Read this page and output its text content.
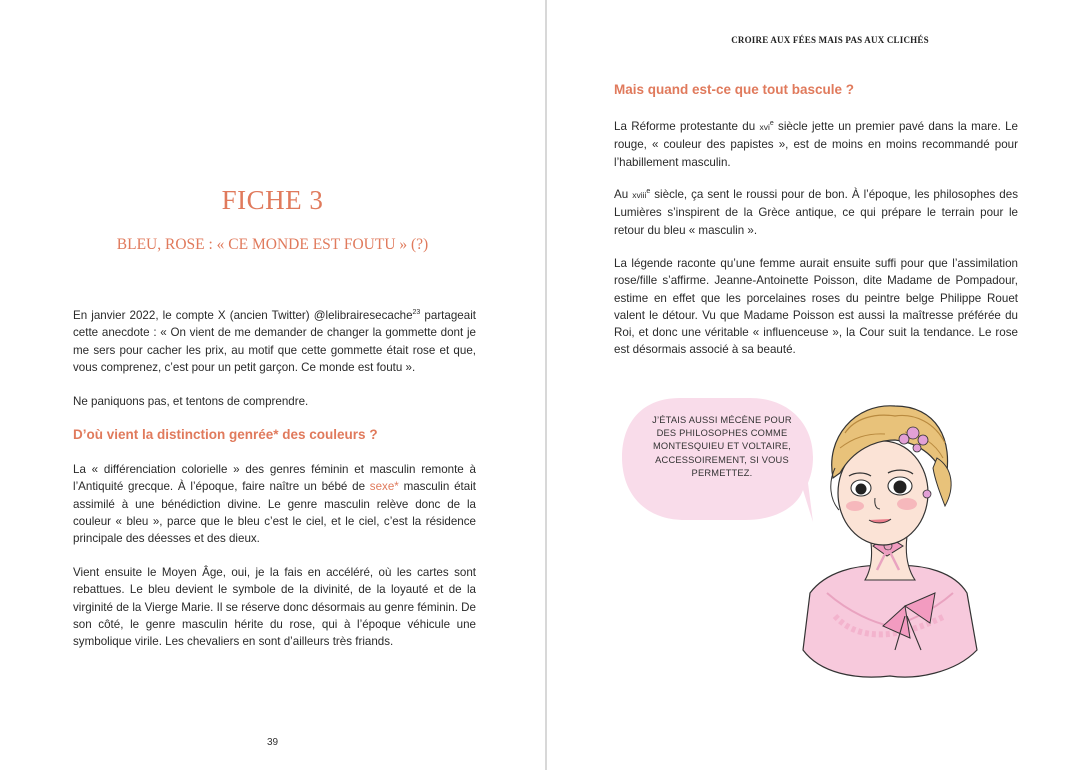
FICHE 3
BLEU, ROSE : « CE MONDE EST FOUTU » (?)
En janvier 2022, le compte X (ancien Twitter) @lelibrairesecache$^{23}$ partageait cette anecdote : « On vient de me demander de changer la gommette dont je me sers pour cacher les prix, au motif que cette gommette était rose et que, vous comprenez, c’est pour un petit garçon. Ce monde est foutu ».
Ne paniquons pas, et tentons de comprendre.
D’où vient la distinction genrée* des couleurs ?
La « différenciation colorielle » des genres féminin et masculin remonte à l’Antiquité grecque. À l’époque, faire naître un bébé de sexe* masculin était assimilé à une bénédiction divine. Le genre masculin relève donc de la couleur « bleu », parce que le bleu c’est le ciel, et le ciel, c’est la résidence principale des déesses et des dieux.
Vient ensuite le Moyen Âge, oui, je la fais en accéléré, où les cartes sont rebattues. Le bleu devient le symbole de la divinité, de la loyauté et de la virginité de la Vierge Marie. Il se réserve donc désormais au genre féminin. De son côté, le genre masculin hérite du rose, qui à l’époque véhicule une symbolique virile. Les chevaliers en sont d’ailleurs très friands.
39
CROIRE AUX FÉES MAIS PAS AUX CLICHÉS
Mais quand est-ce que tout bascule ?
La Réforme protestante du xvi$^e$ siècle jette un premier pavé dans la mare. Le rouge, « couleur des papistes », est de moins en moins recommandé pour l’habillement masculin.
Au xviii$^e$ siècle, ça sent le roussi pour de bon. À l’époque, les philosophes des Lumières s’inspirent de la Grèce antique, ce qui prépare le terrain pour le retour du bleu « masculin ».
La légende raconte qu’une femme aurait ensuite suffi pour que l’assimilation rose/fille s’affirme. Jeanne-Antoinette Poisson, dite Madame de Pompadour, estime en effet que les porcelaines roses du peintre belge Philippe Rouet valent le détour. Vu que Madame Poisson est aussi la maîtresse préférée du Roi, et donc une véritable « influenceuse », la Cour suit la tendance. Le rose est désormais associé à sa beauté.
J’ÉTAIS AUSSI MÉCÈNE POUR DES PHILOSOPHES COMME MONTESQUIEU ET VOLTAIRE, ACCESSOIREMENT, SI VOUS PERMETTEZ.
